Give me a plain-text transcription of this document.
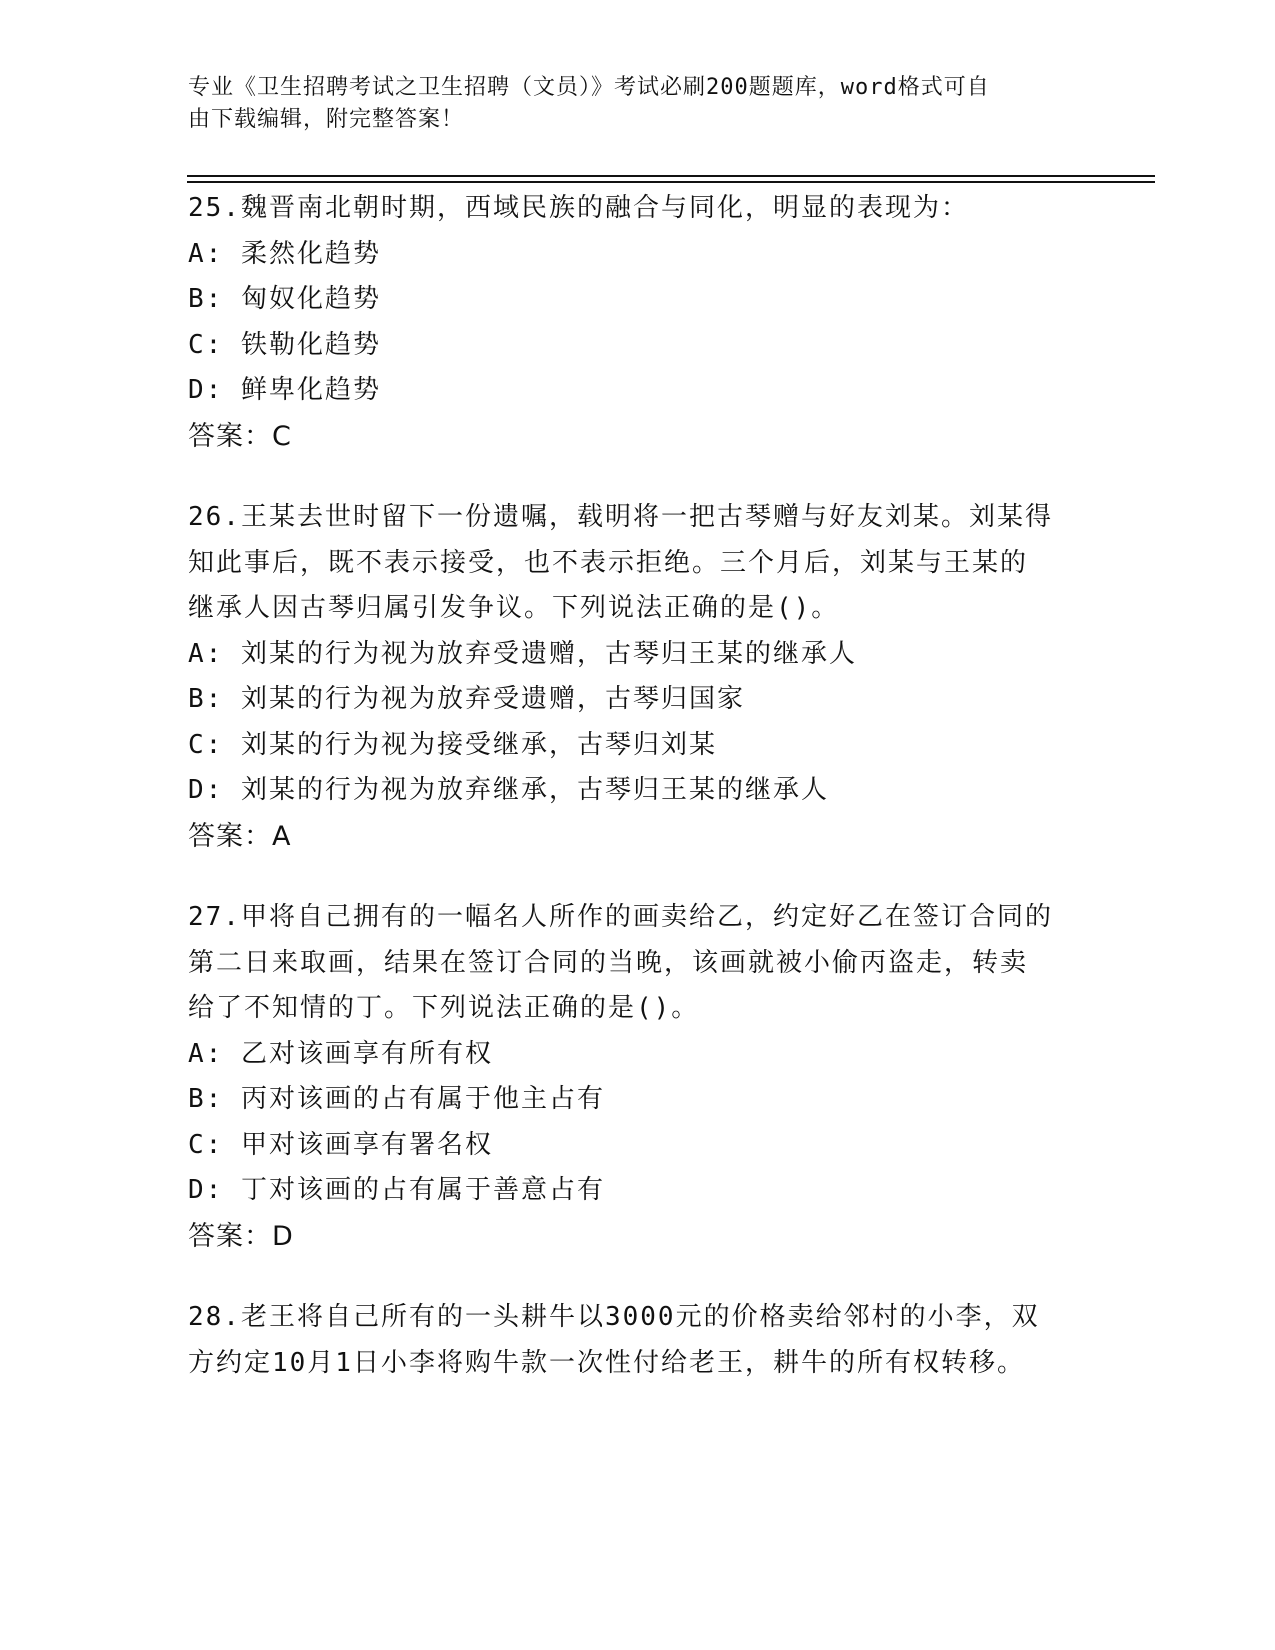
专业《卫生招聘考试之卫生招聘（文员）》考试必刷200题题库，word格式可自
由下载编辑，附完整答案！
25.魏晋南北朝时期，西域民族的融合与同化，明显的表现为：
A: 柔然化趋势
B: 匈奴化趋势
C: 铁勒化趋势
D: 鲜卑化趋势
答案：C
26.王某去世时留下一份遗嘱，载明将一把古琴赠与好友刘某。刘某得
知此事后，既不表示接受，也不表示拒绝。三个月后，刘某与王某的
继承人因古琴归属引发争议。下列说法正确的是()。
A: 刘某的行为视为放弃受遗赠，古琴归王某的继承人
B: 刘某的行为视为放弃受遗赠，古琴归国家
C: 刘某的行为视为接受继承，古琴归刘某
D: 刘某的行为视为放弃继承，古琴归王某的继承人
答案：A
27.甲将自己拥有的一幅名人所作的画卖给乙，约定好乙在签订合同的
第二日来取画，结果在签订合同的当晚，该画就被小偷丙盗走，转卖
给了不知情的丁。下列说法正确的是()。
A: 乙对该画享有所有权
B: 丙对该画的占有属于他主占有
C: 甲对该画享有署名权
D: 丁对该画的占有属于善意占有
答案：D
28.老王将自己所有的一头耕牛以3000元的价格卖给邻村的小李，双
方约定10月1日小李将购牛款一次性付给老王，耕牛的所有权转移。
